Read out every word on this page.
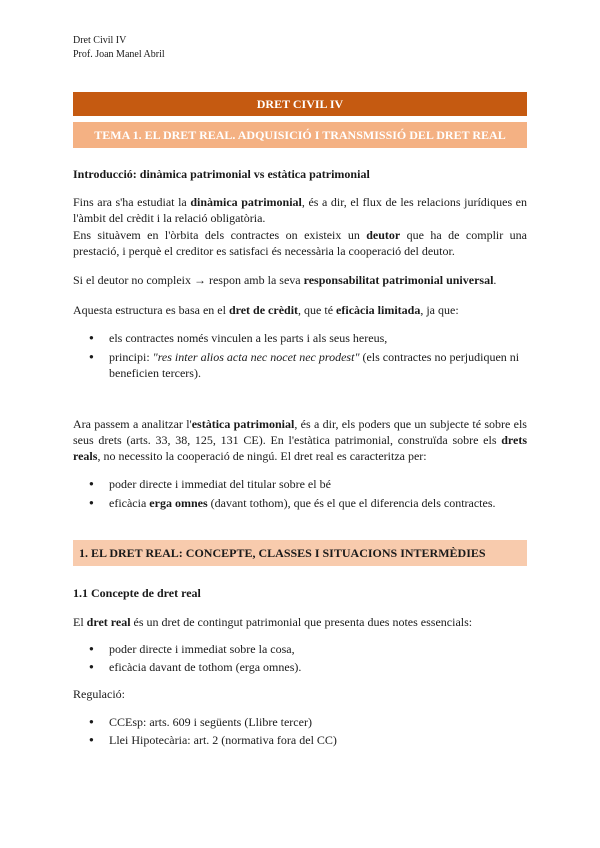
Dret Civil IV
Prof. Joan Manel Abril
DRET CIVIL IV
TEMA 1. EL DRET REAL. ADQUISICIÓ I TRANSMISSIÓ DEL DRET REAL
Introducció: dinàmica patrimonial vs estàtica patrimonial
Fins ara s'ha estudiat la dinàmica patrimonial, és a dir, el flux de les relacions jurídiques en l'àmbit del crèdit i la relació obligatòria.
Ens situàvem en l'òrbita dels contractes on existeix un deutor que ha de complir una prestació, i perquè el creditor es satisfaci és necessària la cooperació del deutor.
Si el deutor no compleix → respon amb la seva responsabilitat patrimonial universal.
Aquesta estructura es basa en el dret de crèdit, que té eficàcia limitada, ja que:
● els contractes només vinculen a les parts i als seus hereus,
● principi: "res inter alios acta nec nocet nec prodest" (els contractes no perjudiquen ni beneficien tercers).
Ara passem a analitzar l'estàtica patrimonial, és a dir, els poders que un subjecte té sobre els seus drets (arts. 33, 38, 125, 131 CE). En l'estàtica patrimonial, construïda sobre els drets reals, no necessito la cooperació de ningú. El dret real es caracteritza per:
● poder directe i immediat del titular sobre el bé
● eficàcia erga omnes (davant tothom), que és el que el diferencia dels contractes.
1. EL DRET REAL: CONCEPTE, CLASSES I SITUACIONS INTERMÈDIES
1.1 Concepte de dret real
El dret real és un dret de contingut patrimonial que presenta dues notes essencials:
● poder directe i immediat sobre la cosa,
● eficàcia davant de tothom (erga omnes).
Regulació:
● CCEsp: arts. 609 i següents (Llibre tercer)
● Llei Hipotecària: art. 2 (normativa fora del CC)
